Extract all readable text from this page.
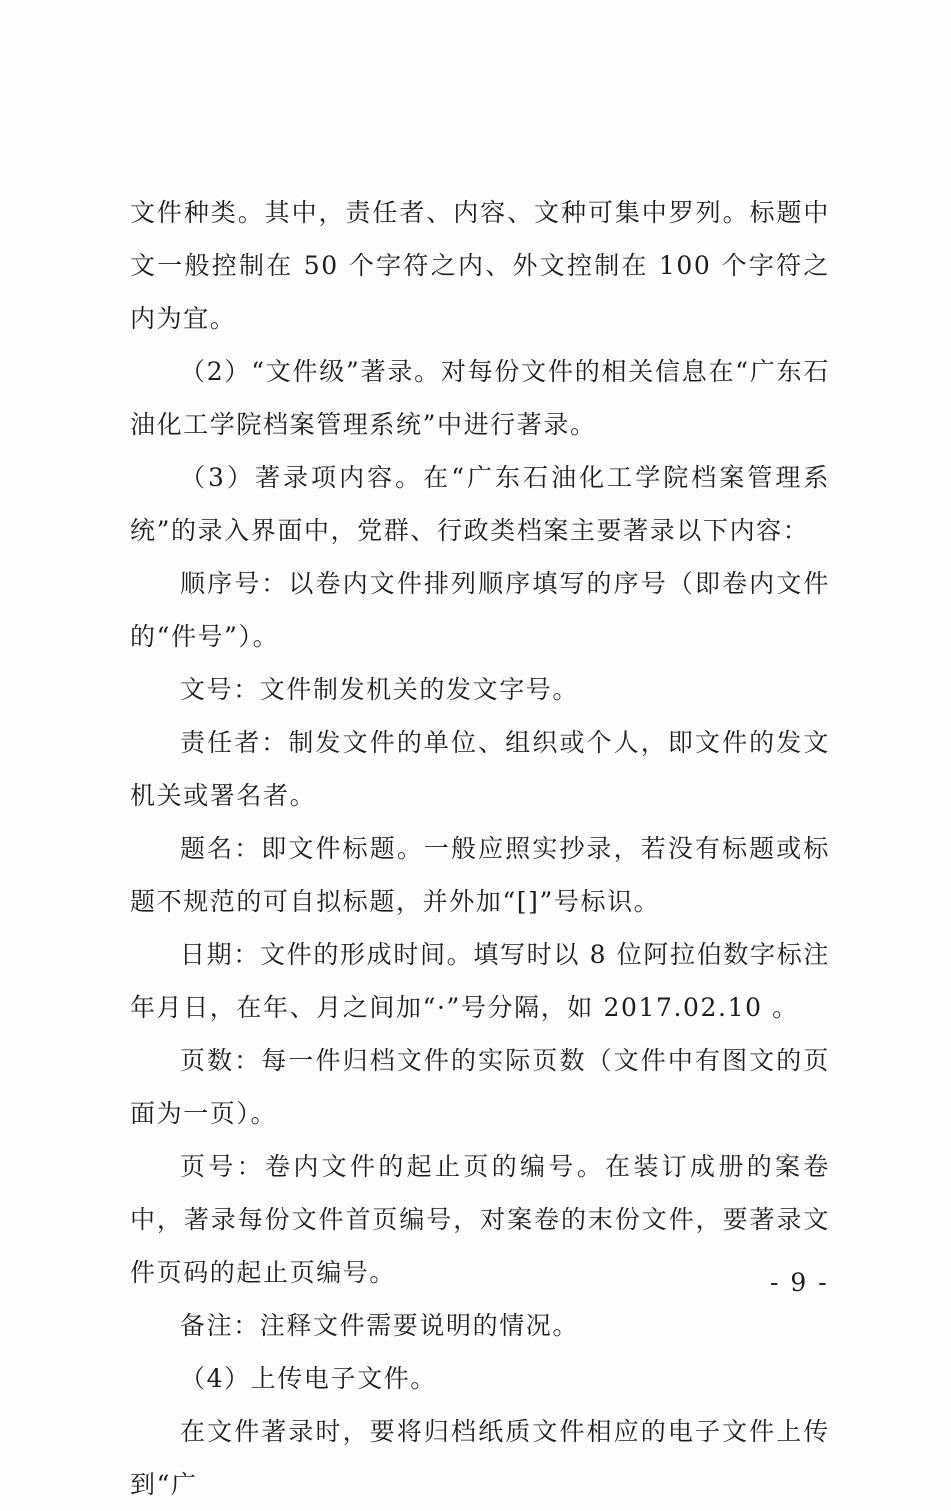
文件种类。其中，责任者、内容、文种可集中罗列。标题中文一般控制在 50 个字符之内、外文控制在 100 个字符之内为宜。

（2）“文件级”著录。对每份文件的相关信息在“广东石油化工学院档案管理系统”中进行著录。

（3）著录项内容。在“广东石油化工学院档案管理系统”的录入界面中，党群、行政类档案主要著录以下内容：

顺序号：以卷内文件排列顺序填写的序号（即卷内文件的“件号”）。

文号：文件制发机关的发文字号。

责任者：制发文件的单位、组织或个人，即文件的发文机关或署名者。

题名：即文件标题。一般应照实抄录，若没有标题或标题不规范的可自拟标题，并外加“[]”号标识。

日期：文件的形成时间。填写时以 8 位阿拉伯数字标注年月日，在年、月之间加“·”号分隔，如 2017.02.10 。

页数：每一件归档文件的实际页数（文件中有图文的页面为一页）。

页号：卷内文件的起止页的编号。在装订成册的案卷中，著录每份文件首页编号，对案卷的末份文件，要著录文件页码的起止页编号。

备注：注释文件需要说明的情况。

（4）上传电子文件。

在文件著录时，要将归档纸质文件相应的电子文件上传到“广

- 9 -
